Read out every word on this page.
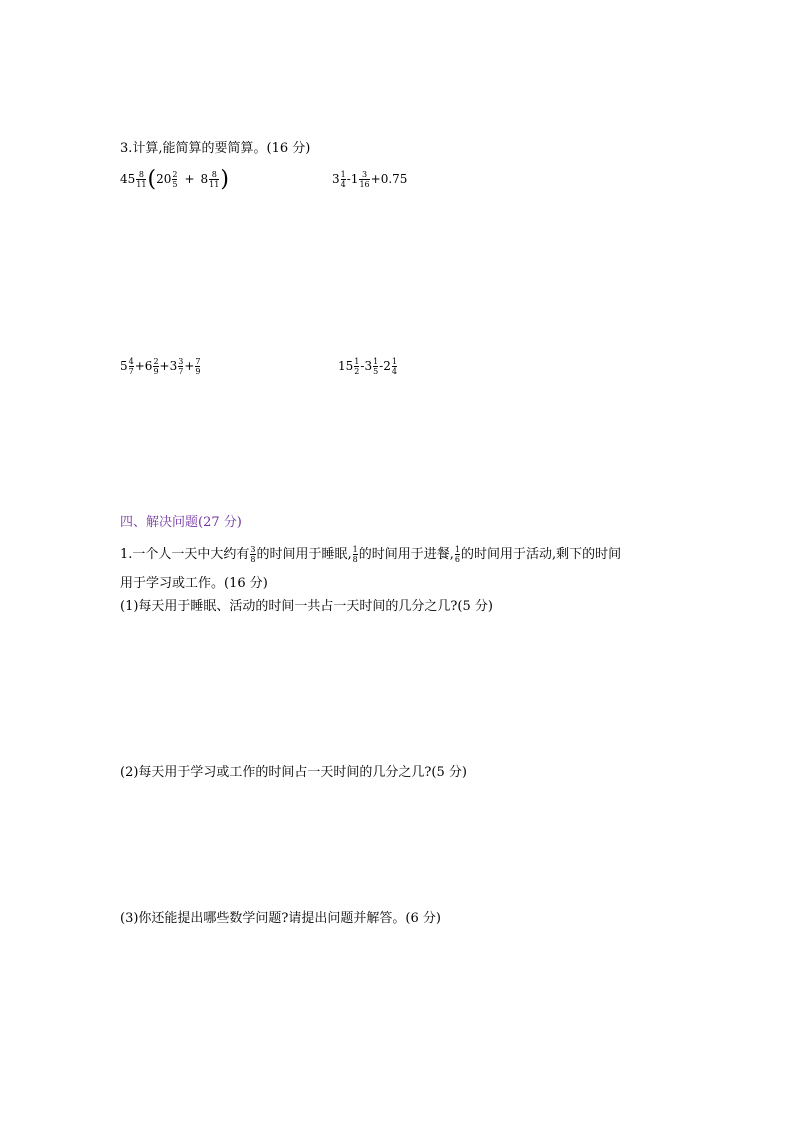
3.计算,能简算的要简算。(16 分)
$45 \frac{8}{11} (20 \frac{2}{5} + 8 \frac{8}{11}$ )	$3 \frac{1}{4} -1 \frac{3}{16} +0.75$
$5 \frac{4}{7} +6 \frac{2}{9} +3 \frac{3}{7} + \frac{7}{9}$	$15 \frac{1}{2} -3 \frac{1}{5} -2 \frac{1}{4}$
四、解决问题(27 分)
1.一个人一天中大约有 $\frac{3}{8}$ 的时间用于睡眠, $\frac{1}{8}$ 的时间用于进餐, $\frac{1}{6}$ 的时间用于活动,剩下的时间
用于学习或工作。(16 分)
(1)每天用于睡眠、活动的时间一共占一天时间的几分之几?(5 分)
(2)每天用于学习或工作的时间占一天时间的几分之几?(5 分)
(3)你还能提出哪些数学问题?请提出问题并解答。(6 分)
